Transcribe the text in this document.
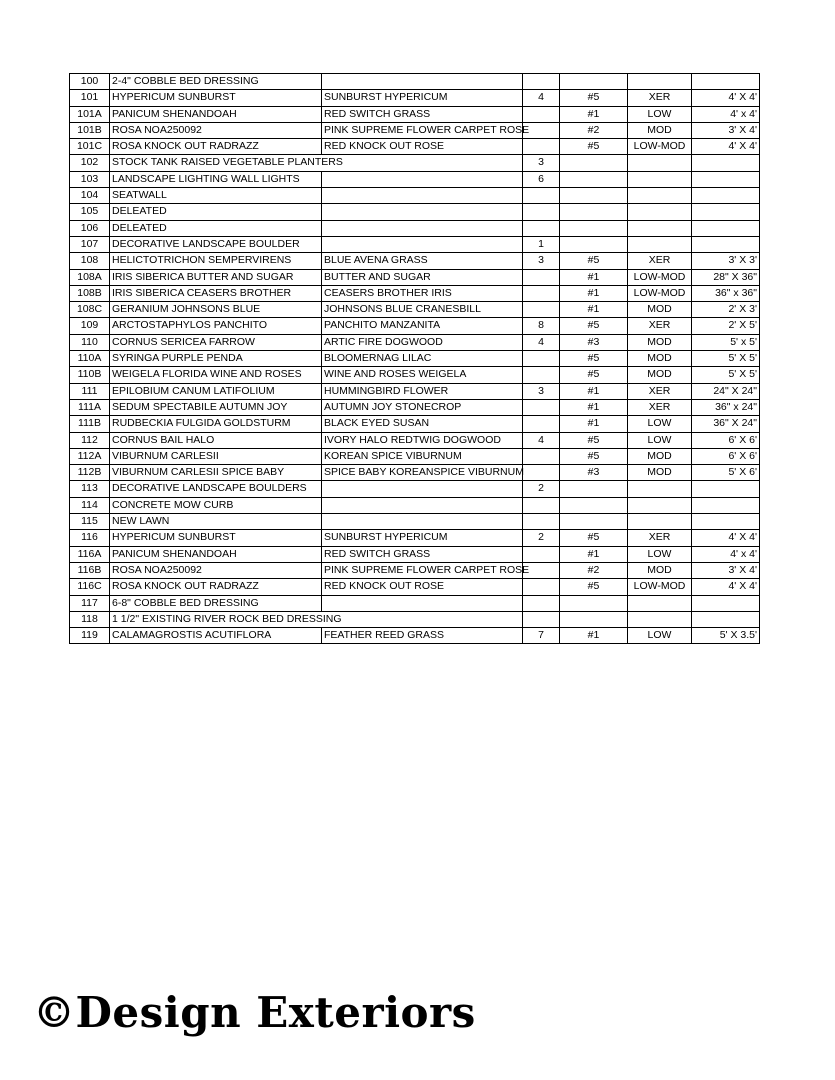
100	2-4" COBBLE BED DRESSING					
101	HYPERICUM SUNBURST	SUNBURST HYPERICUM	4	#5	XER	4' X 4'
101A	PANICUM SHENANDOAH	RED SWITCH GRASS		#1	LOW	4' x 4'
101B	ROSA NOA250092	PINK SUPREME FLOWER CARPET ROSE		#2	MOD	3' X 4'
101C	ROSA KNOCK OUT RADRAZZ	RED KNOCK OUT ROSE		#5	LOW-MOD	4' X 4'
102	STOCK TANK RAISED VEGETABLE PLANTERS		3			
103	LANDSCAPE LIGHTING WALL LIGHTS		6			
104	SEATWALL					
105	DELEATED					
106	DELEATED					
107	DECORATIVE LANDSCAPE BOULDER		1			
108	HELICTOTRICHON SEMPERVIRENS	BLUE AVENA GRASS	3	#5	XER	3' X 3'
108A	IRIS SIBERICA BUTTER AND SUGAR	BUTTER AND SUGAR		#1	LOW-MOD	28" X 36"
108B	IRIS SIBERICA CEASERS BROTHER	CEASERS BROTHER IRIS		#1	LOW-MOD	36" x 36"
108C	GERANIUM JOHNSONS BLUE	JOHNSONS BLUE CRANESBILL		#1	MOD	2' X 3'
109	ARCTOSTAPHYLOS PANCHITO	PANCHITO MANZANITA	8	#5	XER	2' X 5'
110	CORNUS SERICEA FARROW	ARTIC FIRE DOGWOOD	4	#3	MOD	5' x 5'
110A	SYRINGA PURPLE PENDA	BLOOMERNAG LILAC		#5	MOD	5' X 5'
110B	WEIGELA FLORIDA WINE AND ROSES	WINE AND ROSES WEIGELA		#5	MOD	5' X 5'
111	EPILOBIUM CANUM LATIFOLIUM	HUMMINGBIRD FLOWER	3	#1	XER	24" X 24"
111A	SEDUM SPECTABILE AUTUMN JOY	AUTUMN JOY STONECROP		#1	XER	36" x 24"
111B	RUDBECKIA FULGIDA GOLDSTURM	BLACK EYED SUSAN		#1	LOW	36" X 24"
112	CORNUS BAIL HALO	IVORY HALO REDTWIG DOGWOOD	4	#5	LOW	6' X 6'
112A	VIBURNUM CARLESII	KOREAN SPICE VIBURNUM		#5	MOD	6' X 6'
112B	VIBURNUM CARLESII SPICE BABY	SPICE BABY KOREANSPICE VIBURNUM		#3	MOD	5' X 6'
113	DECORATIVE LANDSCAPE BOULDERS		2			
114	CONCRETE MOW CURB					
115	NEW LAWN					
116	HYPERICUM SUNBURST	SUNBURST HYPERICUM	2	#5	XER	4' X 4'
116A	PANICUM SHENANDOAH	RED SWITCH GRASS		#1	LOW	4' x 4'
116B	ROSA NOA250092	PINK SUPREME FLOWER CARPET ROSE		#2	MOD	3' X 4'
116C	ROSA KNOCK OUT RADRAZZ	RED KNOCK OUT ROSE		#5	LOW-MOD	4' X 4'
117	6-8" COBBLE BED DRESSING					
118	1 1/2" EXISTING RIVER ROCK BED DRESSING					
119	CALAMAGROSTIS ACUTIFLORA	FEATHER REED GRASS	7	#1	LOW	5' X 3.5'
©Design Exteriors
